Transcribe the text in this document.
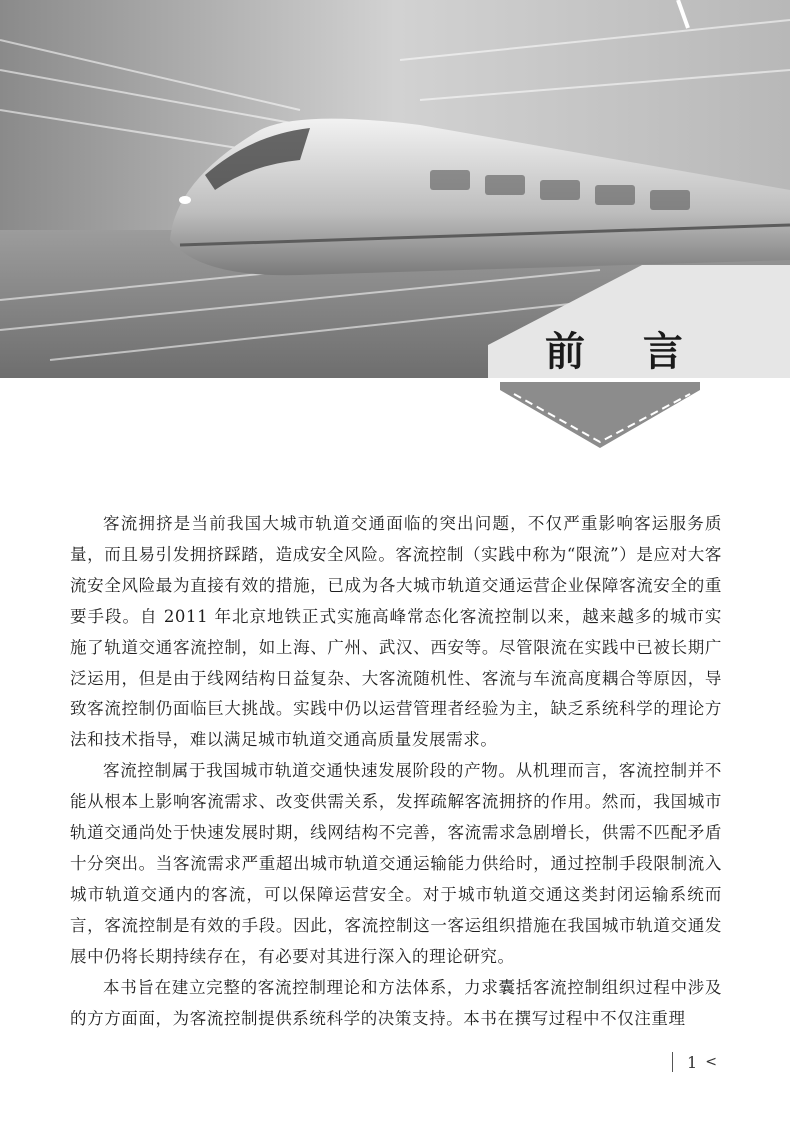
前 言

客流拥挤是当前我国大城市轨道交通面临的突出问题，不仅严重影响客运服务质量，而且易引发拥挤踩踏，造成安全风险。客流控制（实践中称为“限流”）是应对大客流安全风险最为直接有效的措施，已成为各大城市轨道交通运营企业保障客流安全的重要手段。自 2011 年北京地铁正式实施高峰常态化客流控制以来，越来越多的城市实施了轨道交通客流控制，如上海、广州、武汉、西安等。尽管限流在实践中已被长期广泛运用，但是由于线网结构日益复杂、大客流随机性、客流与车流高度耦合等原因，导致客流控制仍面临巨大挑战。实践中仍以运营管理者经验为主，缺乏系统科学的理论方法和技术指导，难以满足城市轨道交通高质量发展需求。

客流控制属于我国城市轨道交通快速发展阶段的产物。从机理而言，客流控制并不能从根本上影响客流需求、改变供需关系，发挥疏解客流拥挤的作用。然而，我国城市轨道交通尚处于快速发展时期，线网结构不完善，客流需求急剧增长，供需不匹配矛盾十分突出。当客流需求严重超出城市轨道交通运输能力供给时，通过控制手段限制流入城市轨道交通内的客流，可以保障运营安全。对于城市轨道交通这类封闭运输系统而言，客流控制是有效的手段。因此，客流控制这一客运组织措施在我国城市轨道交通发展中仍将长期持续存在，有必要对其进行深入的理论研究。

本书旨在建立完整的客流控制理论和方法体系，力求囊括客流控制组织过程中涉及的方方面面，为客流控制提供系统科学的决策支持。本书在撰写过程中不仅注重理

1 <
